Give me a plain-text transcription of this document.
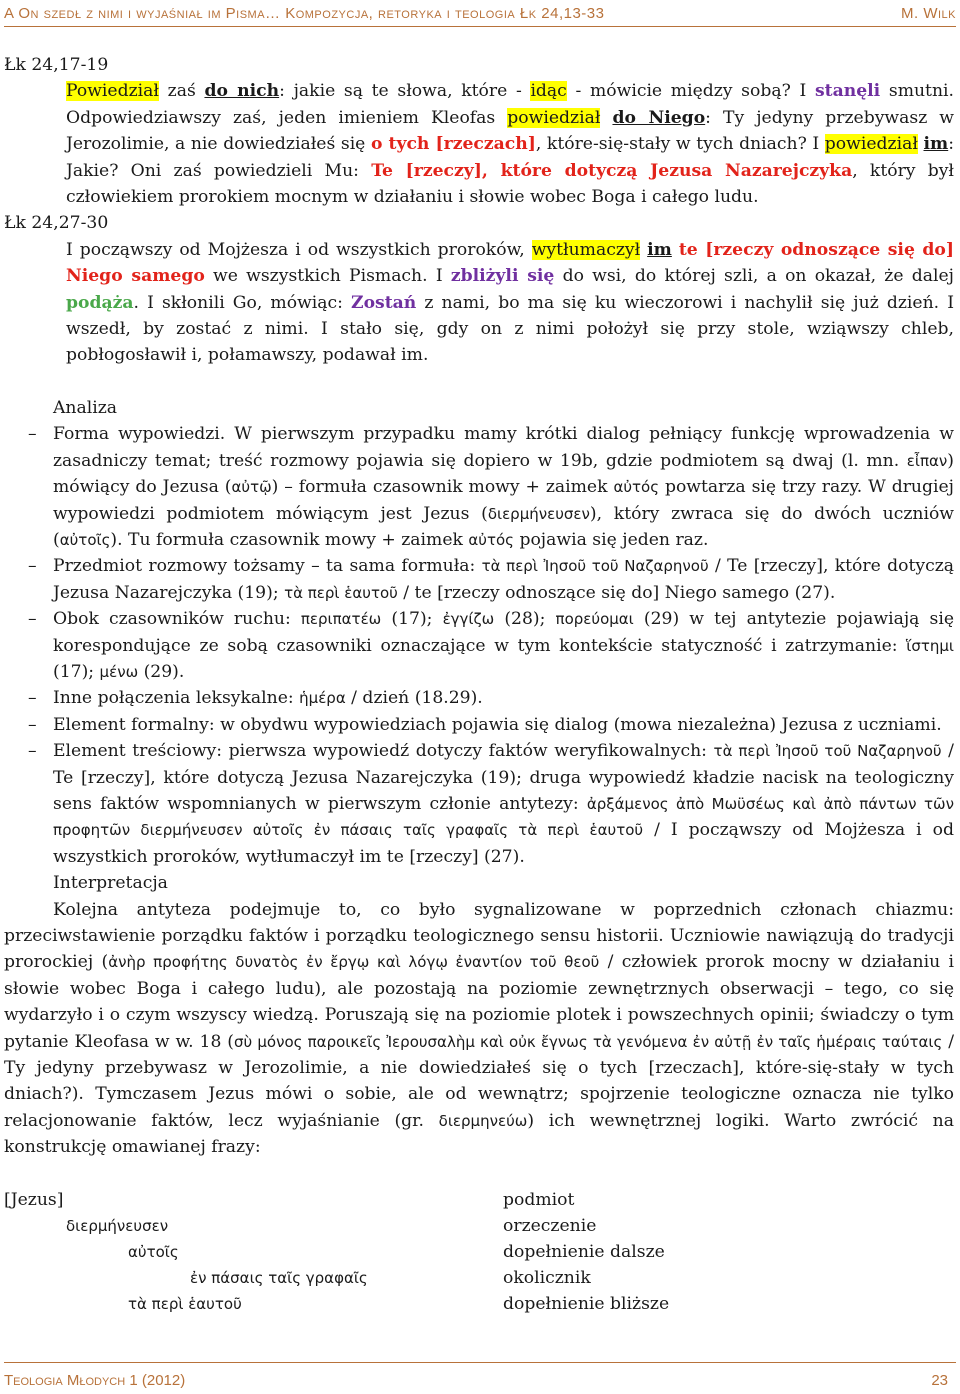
A On szedł z nimi i wyjaśniał im Pisma… Kompozycja, retoryka i teologia Łk 24,13-33	M. Wilk

Łk 24,17-19

Powiedział zaś do nich: jakie są te słowa, które - idąc - mówicie między sobą? I stanęli smutni. Odpowiedziawszy zaś, jeden imieniem Kleofas powiedział do Niego: Ty jedyny przebywasz w Jerozolimie, a nie dowiedziałeś się o tych [rzeczach], które-się-stały w tych dniach? I powiedział im: Jakie? Oni zaś powiedzieli Mu: Te [rzeczy], które dotyczą Jezusa Nazarejczyka, który był człowiekiem prorokiem mocnym w działaniu i słowie wobec Boga i całego ludu.

Łk 24,27-30

I począwszy od Mojżesza i od wszystkich proroków, wytłumaczył im te [rzeczy odnoszące się do] Niego samego we wszystkich Pismach. I zbliżyli się do wsi, do której szli, a on okazał, że dalej podąża. I skłonili Go, mówiąc: Zostań z nami, bo ma się ku wieczorowi i nachylił się już dzień. I wszedł, by zostać z nimi. I stało się, gdy on z nimi położył się przy stole, wziąwszy chleb, pobłogosławił i, połamawszy, podawał im.

Analiza

– Forma wypowiedzi. W pierwszym przypadku mamy krótki dialog pełniący funkcję wprowadzenia w zasadniczy temat; treść rozmowy pojawia się dopiero w 19b, gdzie podmiotem są dwaj (l. mn. εἶπαν) mówiący do Jezusa (αὐτῷ) – formuła czasownik mowy + zaimek αὐτός powtarza się trzy razy. W drugiej wypowiedzi podmiotem mówiącym jest Jezus (διερμήνευσεν), który zwraca się do dwóch uczniów (αὐτοῖς). Tu formuła czasownik mowy + zaimek αὐτός pojawia się jeden raz.
– Przedmiot rozmowy tożsamy – ta sama formuła: τὰ περὶ Ἰησοῦ τοῦ Ναζαρηνοῦ / Te [rzeczy], które dotyczą Jezusa Nazarejczyka (19); τὰ περὶ ἑαυτοῦ / te [rzeczy odnoszące się do] Niego samego (27).
– Obok czasowników ruchu: περιπατέω (17); ἐγγίζω (28); πορεύομαι (29) w tej antytezie pojawiają się korespondujące ze sobą czasowniki oznaczające w tym kontekście statyczność i zatrzymanie: ἵστημι (17); μένω (29).
– Inne połączenia leksykalne: ἡμέρα / dzień (18.29).
– Element formalny: w obydwu wypowiedziach pojawia się dialog (mowa niezależna) Jezusa z uczniami.
– Element treściowy: pierwsza wypowiedź dotyczy faktów weryfikowalnych: τὰ περὶ Ἰησοῦ τοῦ Ναζαρηνοῦ / Te [rzeczy], które dotyczą Jezusa Nazarejczyka (19); druga wypowiedź kładzie nacisk na teologiczny sens faktów wspomnianych w pierwszym członie antytezy: ἀρξάμενος ἀπὸ Μωϋσέως καὶ ἀπὸ πάντων τῶν προφητῶν διερμήνευσεν αὐτοῖς ἐν πάσαις ταῖς γραφαῖς τὰ περὶ ἑαυτοῦ / I począwszy od Mojżesza i od wszystkich proroków, wytłumaczył im te [rzeczy] (27).

Interpretacja

Kolejna antyteza podejmuje to, co było sygnalizowane w poprzednich członach chiazmu: przeciwstawienie porządku faktów i porządku teologicznego sensu historii. Uczniowie nawiązują do tradycji prorockiej (ἀνὴρ προφήτης δυνατὸς ἐν ἔργῳ καὶ λόγῳ ἐναντίον τοῦ θεοῦ / człowiek prorok mocny w działaniu i słowie wobec Boga i całego ludu), ale pozostają na poziomie zewnętrznych obserwacji – tego, co się wydarzyło i o czym wszyscy wiedzą. Poruszają się na poziomie plotek i powszechnych opinii; świadczy o tym pytanie Kleofasa w w. 18 (σὺ μόνος παροικεῖς Ἰερουσαλὴμ καὶ οὐκ ἔγνως τὰ γενόμενα ἐν αὐτῇ ἐν ταῖς ἡμέραις ταύταις / Ty jedyny przebywasz w Jerozolimie, a nie dowiedziałeś się o tych [rzeczach], które-się-stały w tych dniach?). Tymczasem Jezus mówi o sobie, ale od wewnątrz; spojrzenie teologiczne oznacza nie tylko relacjonowanie faktów, lecz wyjaśnianie (gr. διερμηνεύω) ich wewnętrznej logiki. Warto zwrócić na konstrukcję omawianej frazy:

[Jezus]	podmiot
διερμήνευσεν	orzeczenie
αὐτοῖς	dopełnienie dalsze
ἐν πάσαις ταῖς γραφαῖς	okolicznik
τὰ περὶ ἑαυτοῦ	dopełnienie bliższe
Teologia Młodych 1 (2012)	23
